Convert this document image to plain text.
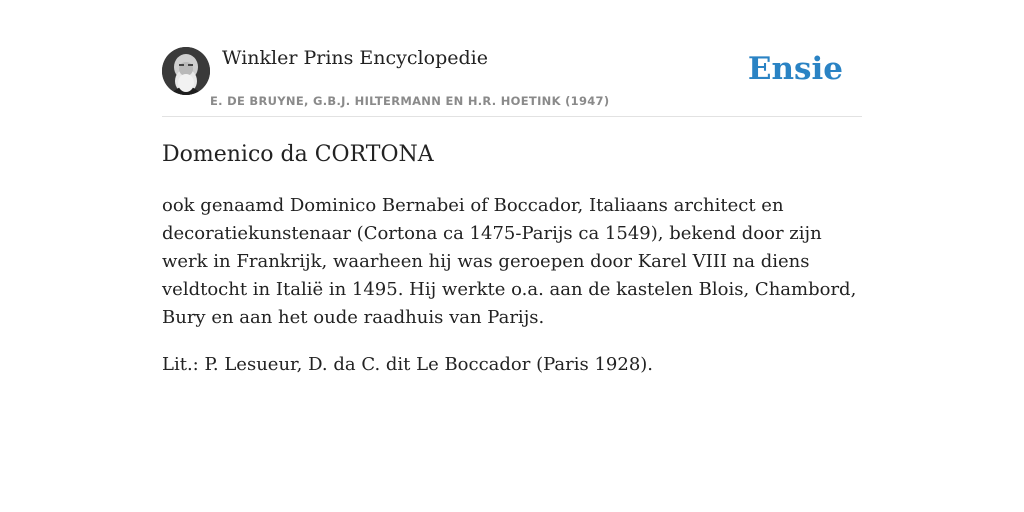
Winkler Prins Encyclopedie
E. DE BRUYNE, G.B.J. HILTERMANN EN H.R. HOETINK (1947)
Ensie
Domenico da CORTONA

ook genaamd Dominico Bernabei of Boccador, Italiaans architect en decoratiekunstenaar (Cortona ca 1475-Parijs ca 1549), bekend door zijn werk in Frankrijk, waarheen hij was geroepen door Karel VIII na diens veldtocht in Italië in 1495. Hij werkte o.a. aan de kastelen Blois, Chambord, Bury en aan het oude raadhuis van Parijs.

Lit.: P. Lesueur, D. da C. dit Le Boccador (Paris 1928).
